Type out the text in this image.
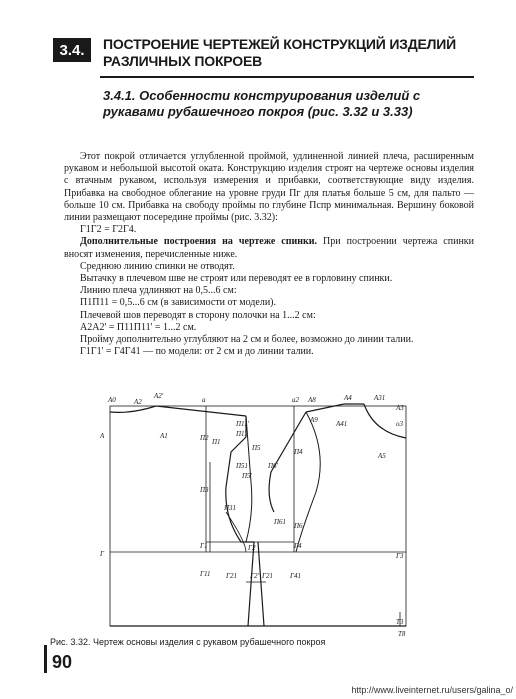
3.4.	ПОСТРОЕНИЕ ЧЕРТЕЖЕЙ КОНСТРУКЦИЙ ИЗДЕЛИЙ РАЗЛИЧНЫХ ПОКРОЕВ
3.4.1. Особенности конструирования изделий с рукавами рубашечного покроя (рис. 3.32 и 3.33)

Этот покрой отличается углубленной проймой, удлиненной линией плеча, расширенным рукавом и небольшой высотой оката. Конструкцию изделия строят на чертеже основы изделия с втачным рукавом, используя измерения и прибавки, соответствующие виду изделия. Прибавка на свободное облегание на уровне груди Пг для платья больше 5 см, для пальто — больше 10 см. Прибавка на свободу проймы по глубине Пспр минимальная. Вершину боковой линии размещают посередине проймы (рис. 3.32):

Г1Г2 = Г2Г4.

Дополнительные построения на чертеже спинки. При построении чертежа спинки вносят изменения, перечисленные ниже.

Среднюю линию спинки не отводят.

Вытачку в плечевом шве не строят или переводят ее в горловину спинки.

Линию плеча удлиняют на 0,5...6 см:

П1П11 = 0,5...6 см (в зависимости от модели).

Плечевой шов переводят в сторону полочки на 1...2 см:

А2А2' = П11П11' = 1...2 см.

Пройму дополнительно углубляют на 2 см и более, возможно до линии талии.

Г1Г1' = Г4Г41 — по модели: от 2 см и до линии талии.

А0
А
А2
А2'
А1
а
П11'
П11
П2 П1
а2 А8	А4	А31
А3
А9	А41	о3
П5	П4
П51	П6'
П5'
А5
П3
П31
П61 П6
Г
Г1	Г2	Г4
Г3
Г11 Г21 Г2' Г21 Г41
Т3
Т8
Рис. 3.32. Чертеж основы изделия с рукавом рубашечного покроя
90
http://www.liveinternet.ru/users/galina_o/
